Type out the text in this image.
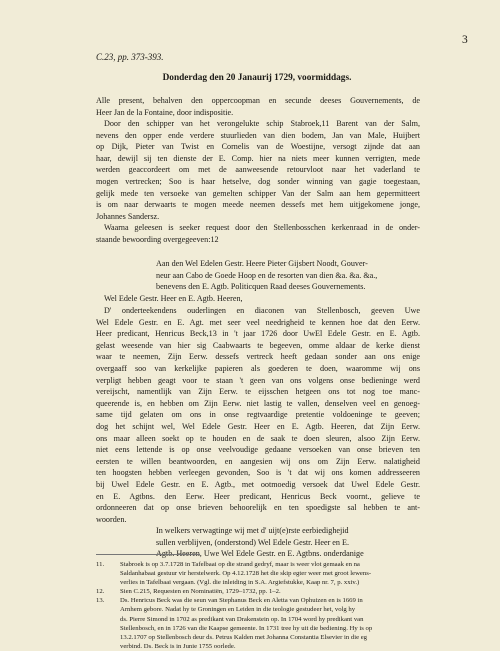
3
C.23, pp. 373-393.
Donderdag den 20 Janaurij 1729, voormiddags.
Alle present, behalven den oppercoopman en secunde deeses Gouvernements, de
Heer Jan de la Fontaine, door indispositie.
Door den schipper van het verongelukte schip Stabroek,11 Barent van der Salm,
nevens den opper ende verdere stuurlieden van dien bodem, Jan van Male, Huijbert
op Dijk, Pieter van Twist en Cornelis van de Woestijne, versogt zijnde dat aan
haar, dewijl sij ten dienste der E. Comp. hier na niets meer kunnen verrigten, mede
werden geaccordeert om met de aanweesende retourvloot naar het vaderland te
mogen vertrecken; Soo is haar hetselve, dog sonder winning van gagie toegestaan,
gelijk mede ten versoeke van gemelten schipper Van der Salm aan hem gepermitteert
is om naar derwaarts te mogen meede neemen dessefs met hem uitjgekomene jonge,
Johannes Sandersz.
Waarna geleesen is seeker request door den Stellenbosschen kerkenraad in de onder-
staande bewoording overgegeeven:12
Aan den Wel Edelen Gestr. Heere Pieter Gijsbert Noodt, Gouver-
neur aan Cabo de Goede Hoop en de resorten van dien &a. &a. &a.,
benevens den E. Agtb. Politicquen Raad deeses Gouvernements.
Wel Edele Gestr. Heer en E. Agtb. Heeren,
D' onderteekendens ouderlingen en diaconen van Stellenbosch, geeven Uwe
Wel Edele Gestr. en E. Agt. met seer veel needrigheid te kennen hoe dat den Eerw.
Heer predicant, Henricus Beck,13 in 't jaar 1726 door UwEl Edele Gestr. en E. Agtb.
gelast weesende van hier sig Caabwaarts te begeeven, omme aldaar de kerke dienst
waar te neemen, Zijn Eerw. dessefs vertreck heeft gedaan sonder aan ons enige
overgaaff soo van kerkelijke papieren als goederen te doen, waaromme wij ons
verpligt hebben geagt voor te staan 't geen van ons volgens onse bedieninge werd
vereijscht, namentlijk van Zijn Eerw. te eijsschen hetgeen ons tot nog toe manc-
queerende is, en hebben om Zijn Eerw. niet lastig te vallen, denselven veel en genoeg-
same tijd gelaten om ons in onse regtvaardige pretentie voldoeninge te geeven;
dog het schijnt wel, Wel Edele Gestr. Heer en E. Agtb. Heeren, dat Zijn Eerw.
ons maar alleen soekt op te houden en de saak te doen sleuren, alsoo Zijn Eerw.
niet eens lettende is op onse veelvoudige gedaane versoeken van onse brieven ten
eersten te willen beantwoorden, en aangesien wij ons om Zijn Eerw. nalatigheid
ten hoogsten hebben verleegen gevonden, Soo is 't dat wij ons komen addresseeren
bij Uwel Edele Gestr. en E. Agtb., met ootmoedig versoek dat Uwel Edele Gestr.
en E. Agtbns. den Eerw. Heer predicant, Henricus Beck voornt., gelieve te
ordonneeren dat op onse brieven behoorelijk en ten spoedigste sal hebben te ant-
woorden.
In welkers verwagtinge wij met d' uijt(e)rste eerbiedighejid
sullen verblijven, (onderstond) Wel Edele Gestr. Heer en E.
Agtb. Heeren, Uwe Wel Edele Gestr. en E. Agtbns. onderdanige
11.	Stabroek is op 3.7.1728 in Tafelbaai op die strand gedryf, maar is weer vlot gemaak en na
Saldanhabaai gestuur vir herstelwerk. Op 4.12.1728 het die skip egter weer met groot lewens-
verlies in Tafelbaai vergaan. (Vgl. die inleiding in S.A. Argiefstukke, Kaap nr. 7, p. xxiv.)
12.	Sien C.215, Requesten en Nominatiën, 1729–1732, pp. 1–2.
13.	Ds. Henricus Beck was die seun van Stephanus Beck en Aletta van Ophuizen en is 1669 in
Arnhem gebore. Nadat hy te Groningen en Leiden in die teologie gestudeer het, volg hy
ds. Pierre Simond in 1702 as predikant van Drakenstein op. In 1704 word hy predikant van
Stellenbosch, en in 1726 van die Kaapse gemeente. In 1731 tree hy uit die bediening. Hy is op
13.2.1707 op Stellenbosch deur ds. Petrus Kalden met Johanna Constantia Elsevier in die eg
verbind. Ds. Beck is in Junie 1755 oorlede.
